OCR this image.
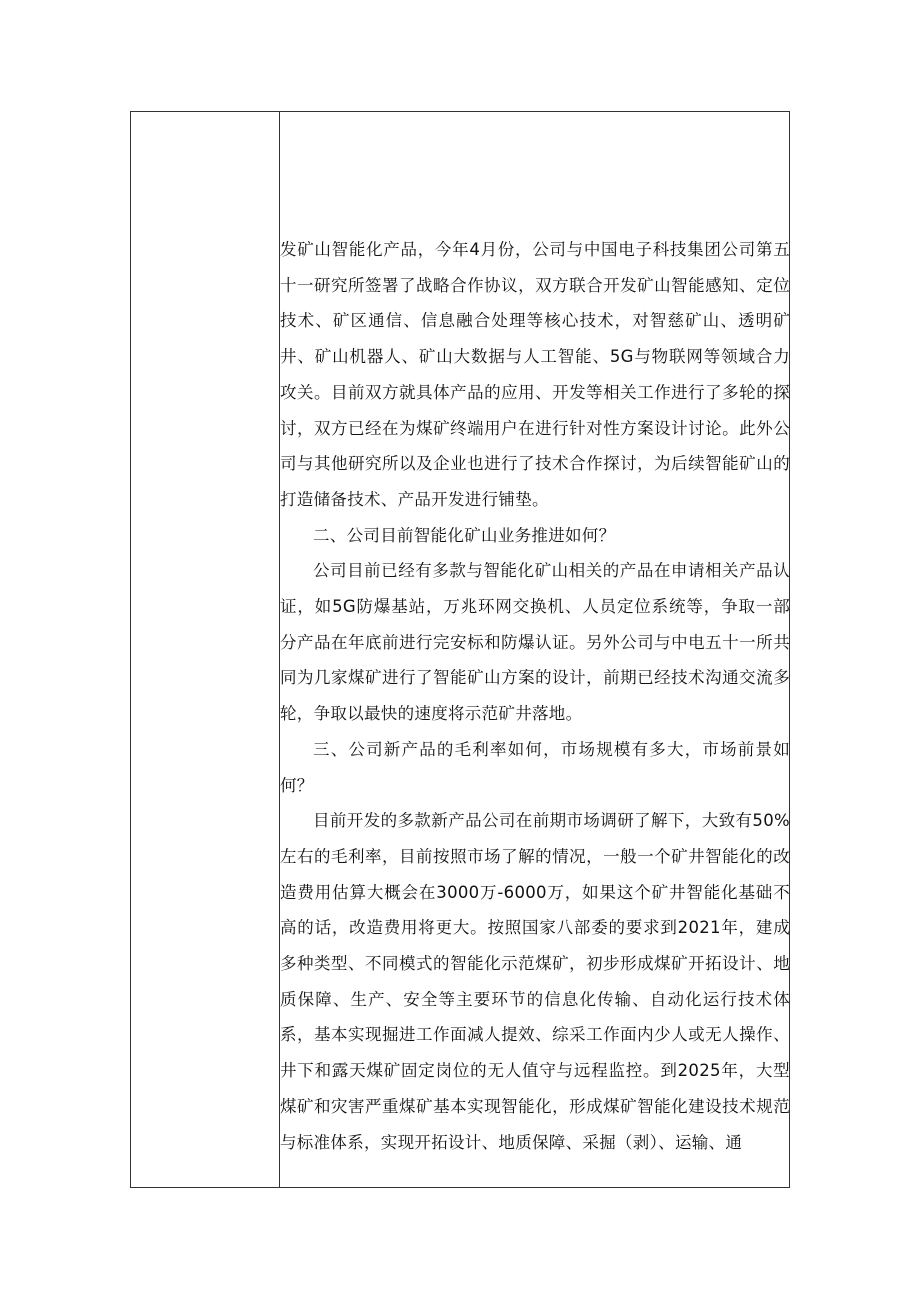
发矿山智能化产品，今年4月份，公司与中国电子科技集团公司第五十一研究所签署了战略合作协议，双方联合开发矿山智能感知、定位技术、矿区通信、信息融合处理等核心技术，对智慈矿山、透明矿井、矿山机器人、矿山大数据与人工智能、5G与物联网等领域合力攻关。目前双方就具体产品的应用、开发等相关工作进行了多轮的探讨，双方已经在为煤矿终端用户在进行针对性方案设计讨论。此外公司与其他研究所以及企业也进行了技术合作探讨，为后续智能矿山的打造储备技术、产品开发进行铺垫。

二、公司目前智能化矿山业务推进如何？

公司目前已经有多款与智能化矿山相关的产品在申请相关产品认证，如5G防爆基站，万兆环网交换机、人员定位系统等，争取一部分产品在年底前进行完安标和防爆认证。另外公司与中电五十一所共同为几家煤矿进行了智能矿山方案的设计，前期已经技术沟通交流多轮，争取以最快的速度将示范矿井落地。

三、公司新产品的毛利率如何，市场规模有多大，市场前景如何？

目前开发的多款新产品公司在前期市场调研了解下，大致有50%左右的毛利率，目前按照市场了解的情况，一般一个矿井智能化的改造费用估算大概会在3000万-6000万，如果这个矿井智能化基础不高的话，改造费用将更大。按照国家八部委的要求到2021年，建成多种类型、不同模式的智能化示范煤矿，初步形成煤矿开拓设计、地质保障、生产、安全等主要环节的信息化传输、自动化运行技术体系，基本实现掘进工作面减人提效、综采工作面内少人或无人操作、井下和露天煤矿固定岗位的无人值守与远程监控。到2025年，大型煤矿和灾害严重煤矿基本实现智能化，形成煤矿智能化建设技术规范与标准体系，实现开拓设计、地质保障、采掘（剥）、运输、通
